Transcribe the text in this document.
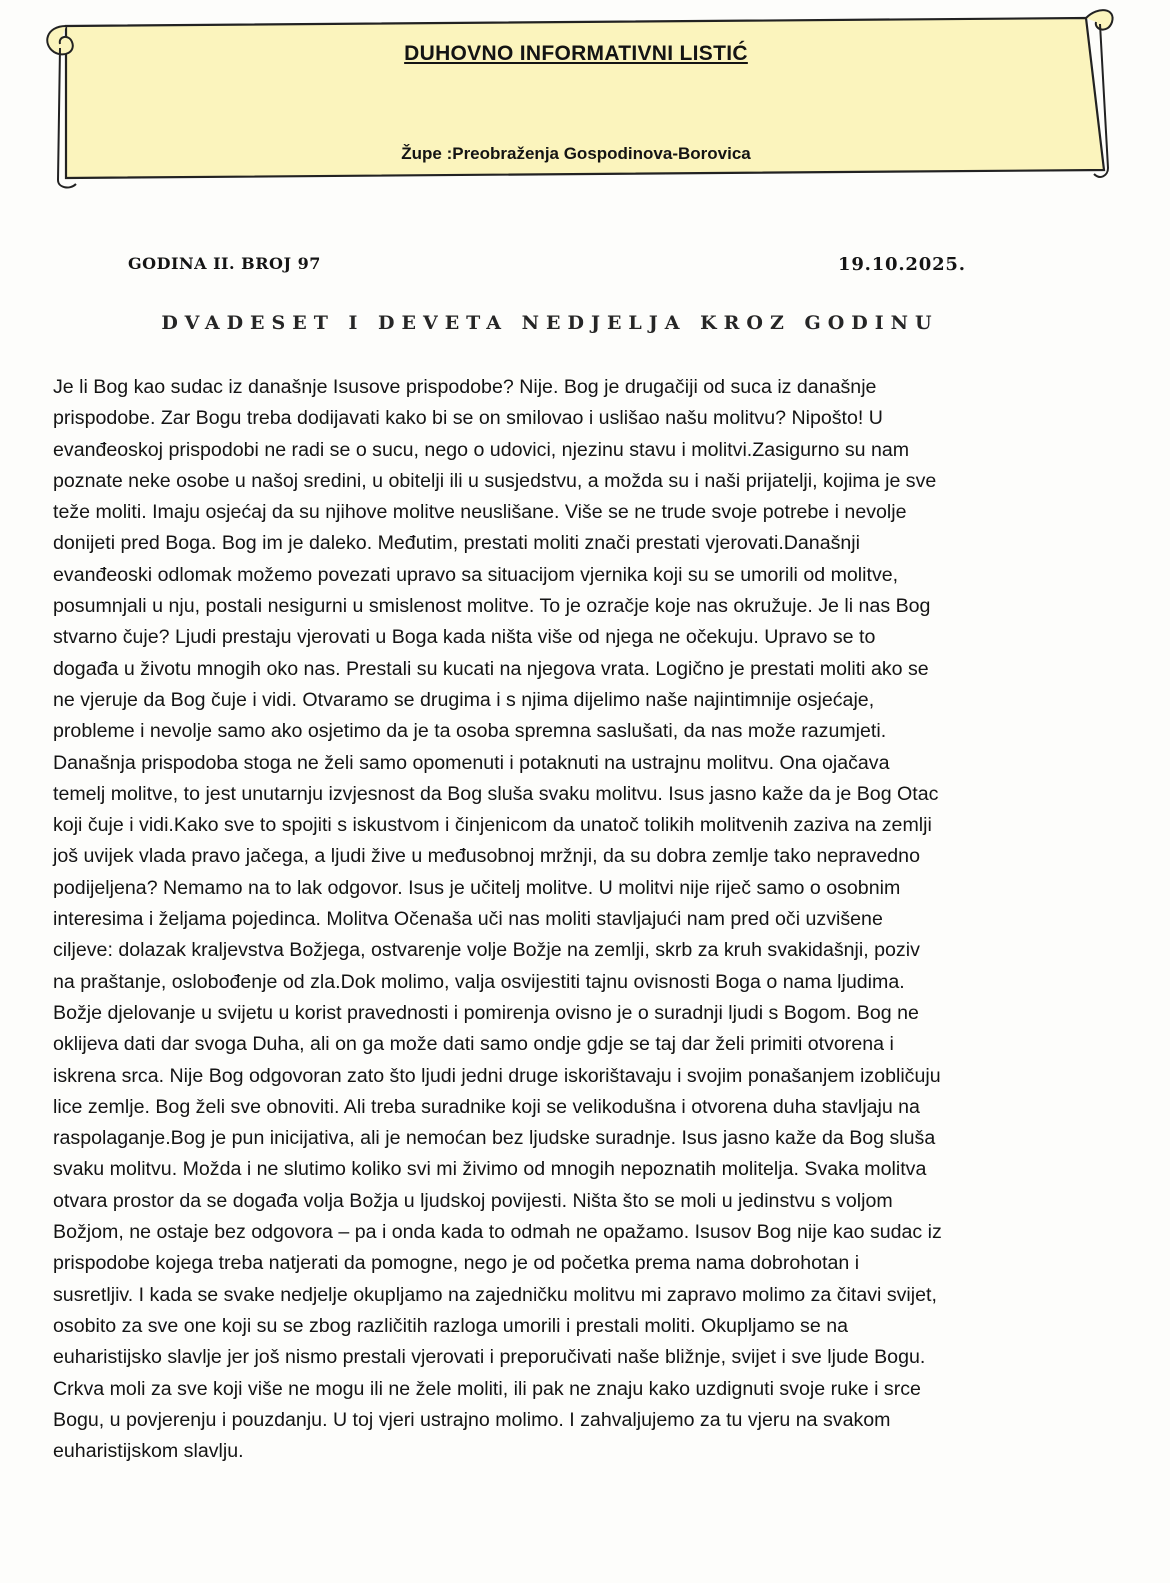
DUHOVNO INFORMATIVNI LISTIĆ
Župe :Preobraženja Gospodinova-Borovica
GODINA II. BROJ 97	19.10.2025.
DVADESET I DEVETA NEDJELJA KROZ GODINU
Je li Bog kao sudac iz današnje Isusove prispodobe? Nije. Bog je drugačiji od suca iz današnje
prispodobe. Zar Bogu treba dodijavati kako bi se on smilovao i uslišao našu molitvu? Nipošto! U
evanđeoskoj prispodobi ne radi se o sucu, nego o udovici, njezinu stavu i molitvi.Zasigurno su nam
poznate neke osobe u našoj sredini, u obitelji ili u susjedstvu, a možda su i naši prijatelji, kojima je sve
teže moliti. Imaju osjećaj da su njihove molitve neuslišane. Više se ne trude svoje potrebe i nevolje
donijeti pred Boga. Bog im je daleko. Međutim, prestati moliti znači prestati vjerovati.Današnji
evanđeoski odlomak možemo povezati upravo sa situacijom vjernika koji su se umorili od molitve,
posumnjali u nju, postali nesigurni u smislenost molitve. To je ozračje koje nas okružuje. Je li nas Bog
stvarno čuje? Ljudi prestaju vjerovati u Boga kada ništa više od njega ne očekuju. Upravo se to
događa u životu mnogih oko nas. Prestali su kucati na njegova vrata. Logično je prestati moliti ako se
ne vjeruje da Bog čuje i vidi. Otvaramo se drugima i s njima dijelimo naše najintimnije osjećaje,
probleme i nevolje samo ako osjetimo da je ta osoba spremna saslušati, da nas može razumjeti.
Današnja prispodoba stoga ne želi samo opomenuti i potaknuti na ustrajnu molitvu. Ona ojačava
temelj molitve, to jest unutarnju izvjesnost da Bog sluša svaku molitvu. Isus jasno kaže da je Bog Otac
koji čuje i vidi.Kako sve to spojiti s iskustvom i činjenicom da unatoč tolikih molitvenih zaziva na zemlji
još uvijek vlada pravo jačega, a ljudi žive u međusobnoj mržnji, da su dobra zemlje tako nepravedno
podijeljena? Nemamo na to lak odgovor. Isus je učitelj molitve. U molitvi nije riječ samo o osobnim
interesima i željama pojedinca. Molitva Očenaša uči nas moliti stavljajući nam pred oči uzvišene
ciljeve: dolazak kraljevstva Božjega, ostvarenje volje Božje na zemlji, skrb za kruh svakidašnji, poziv
na praštanje, oslobođenje od zla.Dok molimo, valja osvijestiti tajnu ovisnosti Boga o nama ljudima.
Božje djelovanje u svijetu u korist pravednosti i pomirenja ovisno je o suradnji ljudi s Bogom. Bog ne
oklijeva dati dar svoga Duha, ali on ga može dati samo ondje gdje se taj dar želi primiti otvorena i
iskrena srca. Nije Bog odgovoran zato što ljudi jedni druge iskorištavaju i svojim ponašanjem izobličuju
lice zemlje. Bog želi sve obnoviti. Ali treba suradnike koji se velikodušna i otvorena duha stavljaju na
raspolaganje.Bog je pun inicijativa, ali je nemoćan bez ljudske suradnje. Isus jasno kaže da Bog sluša
svaku molitvu. Možda i ne slutimo koliko svi mi živimo od mnogih nepoznatih molitelja. Svaka molitva
otvara prostor da se događa volja Božja u ljudskoj povijesti. Ništa što se moli u jedinstvu s voljom
Božjom, ne ostaje bez odgovora – pa i onda kada to odmah ne opažamo. Isusov Bog nije kao sudac iz
prispodobe kojega treba natjerati da pomogne, nego je od početka prema nama dobrohotan i
susretljiv. I kada se svake nedjelje okupljamo na zajedničku molitvu mi zapravo molimo za čitavi svijet,
osobito za sve one koji su se zbog različitih razloga umorili i prestali moliti. Okupljamo se na
euharistijsko slavlje jer još nismo prestali vjerovati i preporučivati naše bližnje, svijet i sve ljude Bogu.
Crkva moli za sve koji više ne mogu ili ne žele moliti, ili pak ne znaju kako uzdignuti svoje ruke i srce
Bogu, u povjerenju i pouzdanju. U toj vjeri ustrajno molimo. I zahvaljujemo za tu vjeru na svakom
euharistijskom slavlju.
